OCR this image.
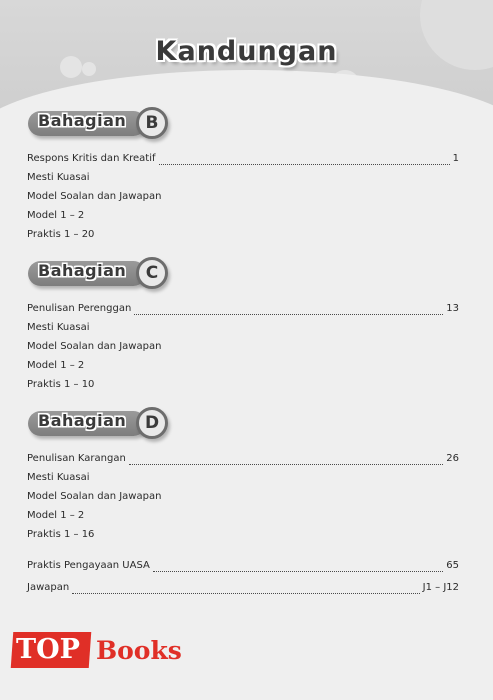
Kandungan
Bahagian	B
Respons Kritis dan Kreatif	1
Mesti Kuasai
Model Soalan dan Jawapan
Model 1 – 2
Praktis 1 – 20
Bahagian	C
Penulisan Perenggan	13
Mesti Kuasai
Model Soalan dan Jawapan
Model 1 – 2
Praktis 1 – 10
Bahagian	D
Penulisan Karangan	26
Mesti Kuasai
Model Soalan dan Jawapan
Model 1 – 2
Praktis 1 – 16
Praktis Pengayaan UASA	65
Jawapan	J1 – J12
TOP Books
